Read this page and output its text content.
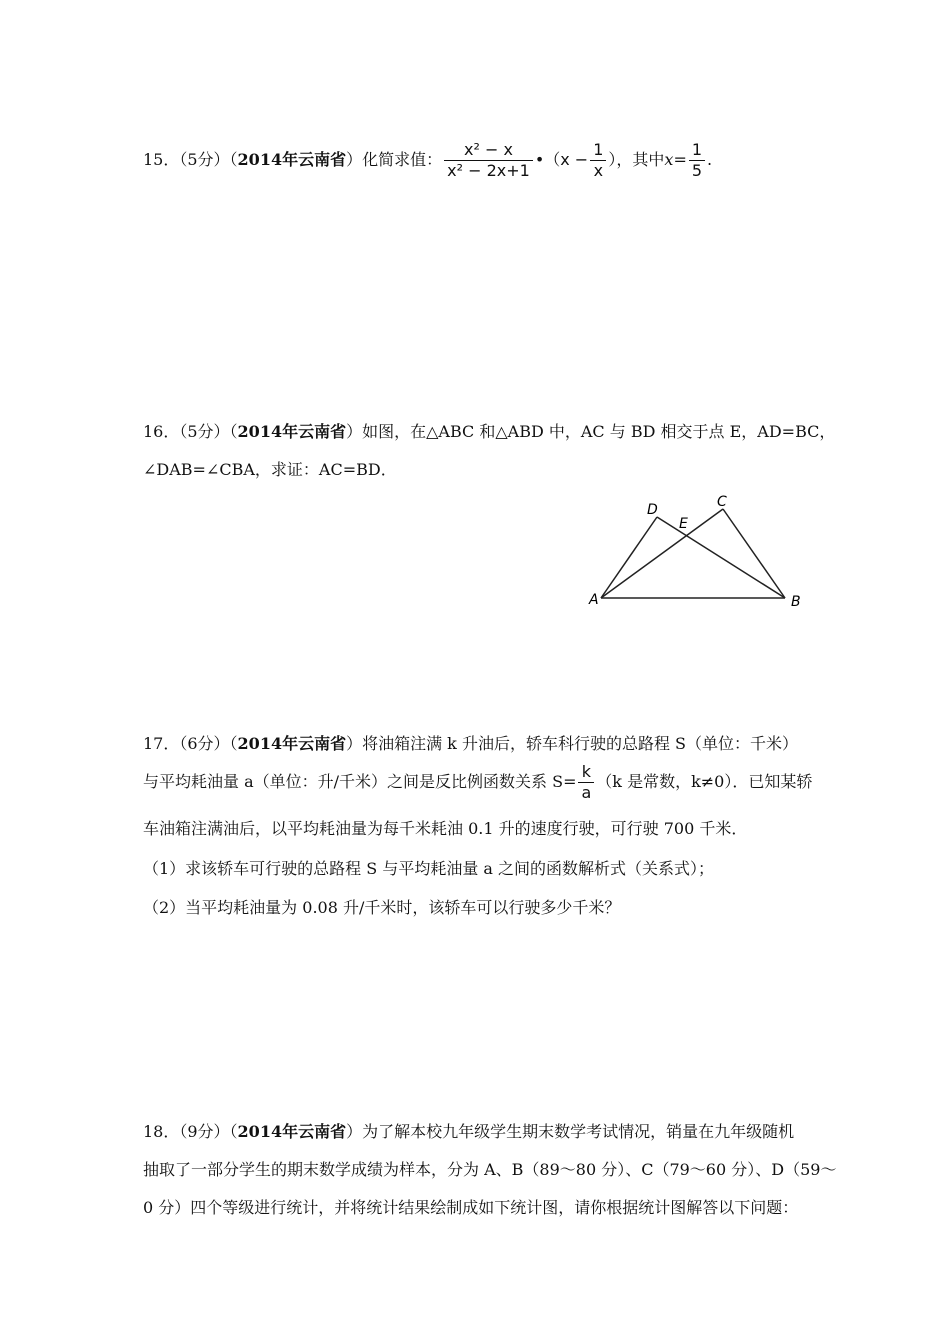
15．（5分）（2014年云南省）化简求值： $\frac{\text{x² − x}}{\text{x² − 2x+1}}$ •（x − $\frac{1}{x}$ ），其中$x= \frac{1}{5}$ .
16．（5分）（2014年云南省）如图，在△ABC 和△ABD 中，AC 与 BD 相交于点 E，AD=BC，
∠DAB=∠CBA，求证：AC=BD．
A	B
C
D
E
17．（6分）（2014年云南省）将油箱注满 k 升油后，轿车科行驶的总路程 S（单位：千米）
与平均耗油量 a（单位：升/千米）之间是反比例函数关系 $S= \frac{k}{a} (k$ 是常数，k≠0）．已知某轿
车油箱注满油后，以平均耗油量为每千米耗油 0.1 升的速度行驶，可行驶 700 千米．
（1）求该轿车可行驶的总路程 S 与平均耗油量 a 之间的函数解析式（关系式）；
（2）当平均耗油量为 0.08 升/千米时，该轿车可以行驶多少千米？
18．（9分）（2014年云南省）为了解本校九年级学生期末数学考试情况，销量在九年级随机
抽取了一部分学生的期末数学成绩为样本，分为 A、B（89～80 分）、C（79～60 分）、D（59～
0 分）四个等级进行统计，并将统计结果绘制成如下统计图，请你根据统计图解答以下问题：
